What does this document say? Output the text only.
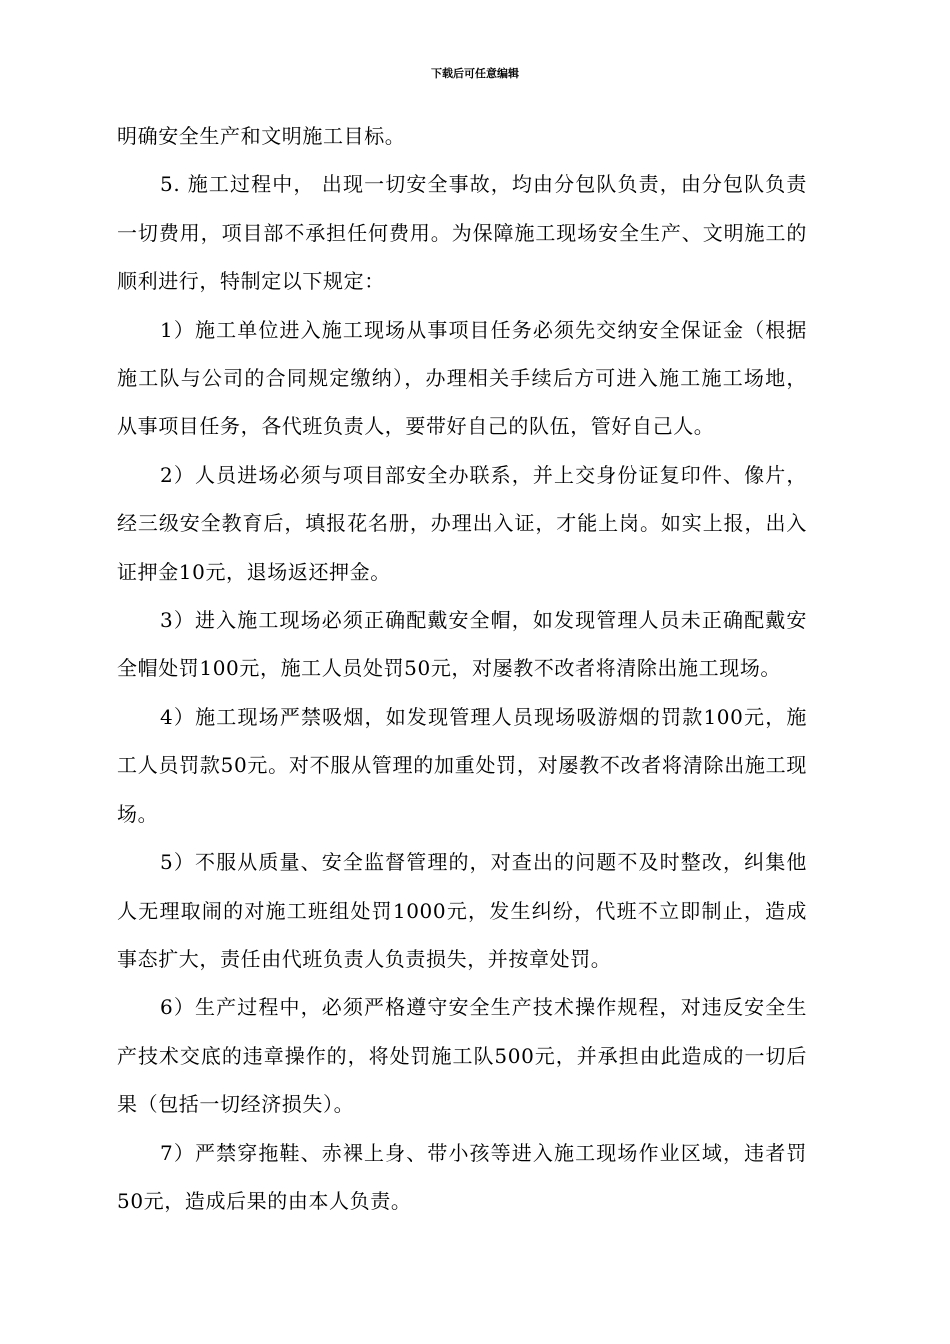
下载后可任意编辑

明确安全生产和文明施工目标。

5. 施工过程中， 出现一切安全事故，均由分包队负责，由分包队负责一切费用，项目部不承担任何费用。为保障施工现场安全生产、文明施工的顺利进行，特制定以下规定：

1）施工单位进入施工现场从事项目任务必须先交纳安全保证金（根据施工队与公司的合同规定缴纳），办理相关手续后方可进入施工施工场地，从事项目任务，各代班负责人，要带好自己的队伍，管好自己人。

2）人员进场必须与项目部安全办联系，并上交身份证复印件、像片，经三级安全教育后，填报花名册，办理出入证，才能上岗。如实上报，出入证押金10元，退场返还押金。

3）进入施工现场必须正确配戴安全帽，如发现管理人员未正确配戴安全帽处罚100元，施工人员处罚50元，对屡教不改者将清除出施工现场。

4）施工现场严禁吸烟，如发现管理人员现场吸游烟的罚款100元，施工人员罚款50元。对不服从管理的加重处罚，对屡教不改者将清除出施工现场。

5）不服从质量、安全监督管理的，对查出的问题不及时整改，纠集他人无理取闹的对施工班组处罚1000元，发生纠纷，代班不立即制止，造成事态扩大，责任由代班负责人负责损失，并按章处罚。

6）生产过程中，必须严格遵守安全生产技术操作规程，对违反安全生产技术交底的违章操作的，将处罚施工队500元，并承担由此造成的一切后果（包括一切经济损失）。

7）严禁穿拖鞋、赤裸上身、带小孩等进入施工现场作业区域，违者罚50元，造成后果的由本人负责。
